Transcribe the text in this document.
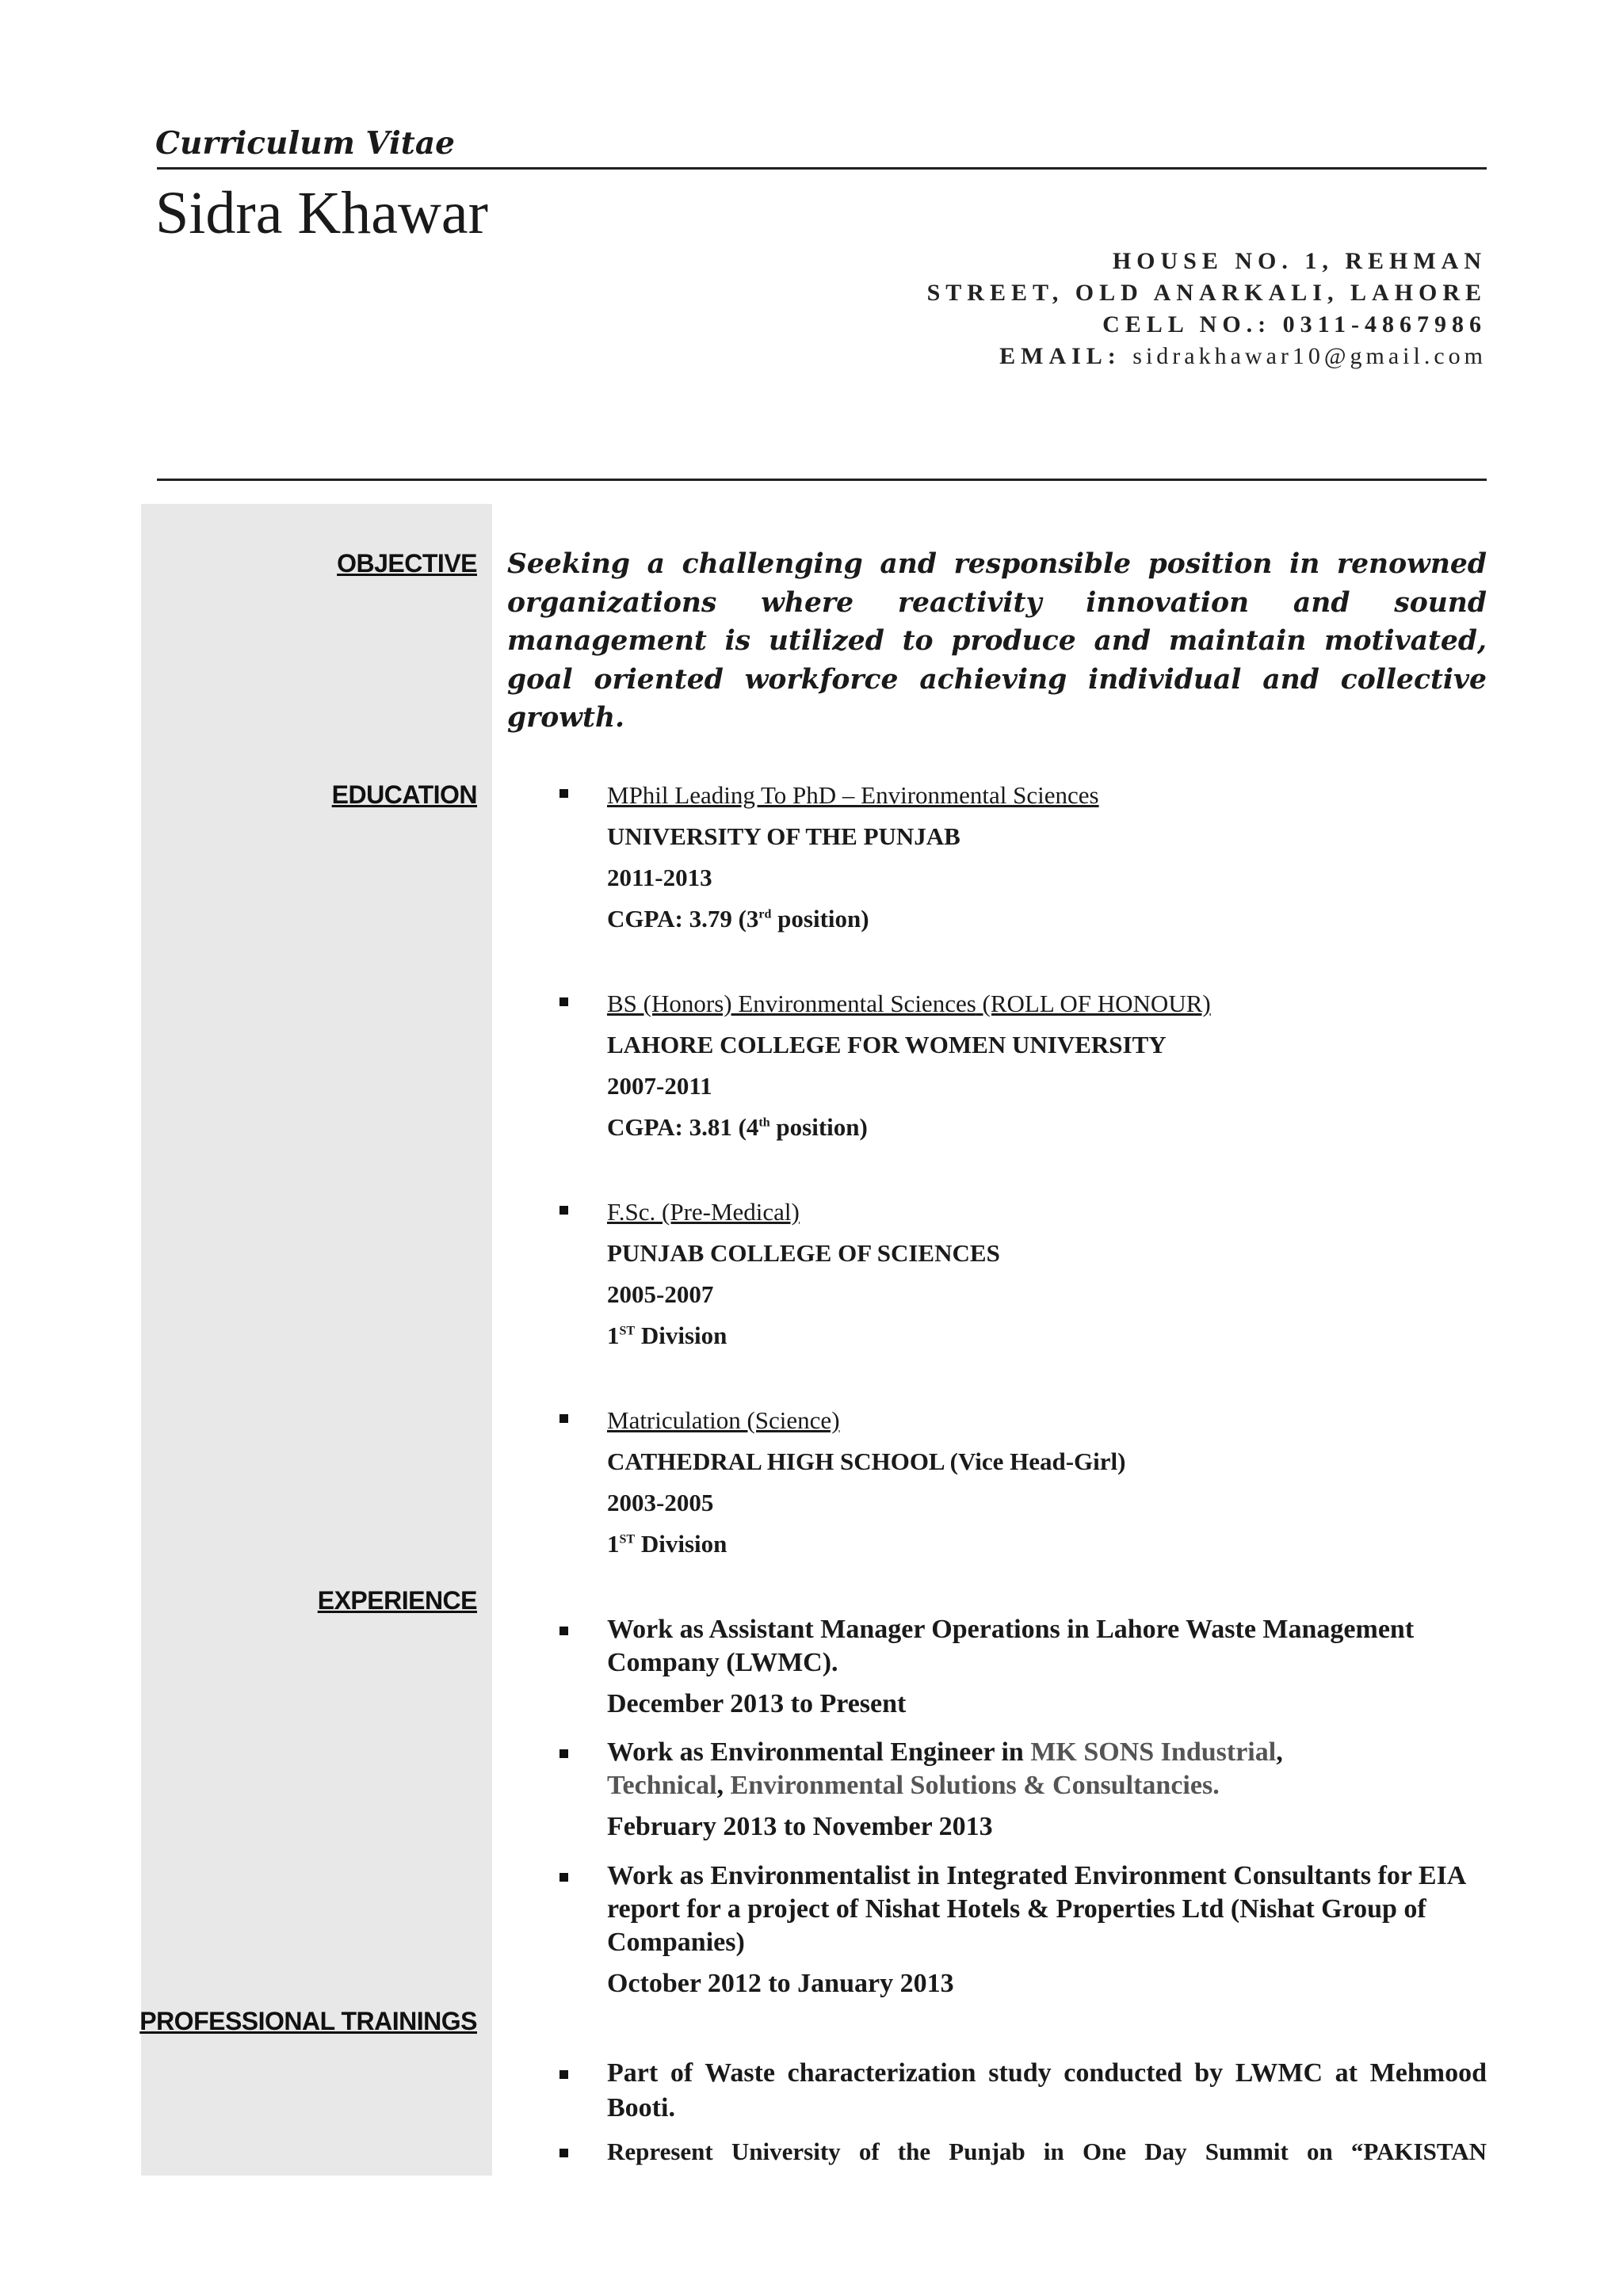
Curriculum Vitae
Sidra Khawar
HOUSE NO. 1, REHMAN
STREET, OLD ANARKALI, LAHORE
CELL NO.: 0311-4867986
EMAIL: sidrakhawar10@gmail.com
OBJECTIVE
EDUCATION
EXPERIENCE
PROFESSIONAL TRAININGS
Seeking a challenging and responsible position in renowned organizations where reactivity innovation and sound management is utilized to produce and maintain motivated, goal oriented workforce achieving individual and collective growth.
MPhil Leading To PhD – Environmental Sciences
UNIVERSITY OF THE PUNJAB
2011-2013
CGPA: 3.79 (3rd position)
BS (Honors) Environmental Sciences (ROLL OF HONOUR)
LAHORE COLLEGE FOR WOMEN UNIVERSITY
2007-2011
CGPA: 3.81 (4th position)
F.Sc. (Pre-Medical)
PUNJAB COLLEGE OF SCIENCES
2005-2007
1ST Division
Matriculation (Science)
CATHEDRAL HIGH SCHOOL (Vice Head-Girl)
2003-2005
1ST Division
Work as Assistant Manager Operations in Lahore Waste Management Company (LWMC).
December 2013 to Present
Work as Environmental Engineer in MK SONS Industrial,
Technical, Environmental Solutions & Consultancies.
February 2013 to November 2013
Work as Environmentalist in Integrated Environment Consultants for EIA report for a project of Nishat Hotels & Properties Ltd (Nishat Group of Companies)
October 2012 to January 2013
Part of Waste characterization study conducted by LWMC at Mehmood Booti.
Represent University of the Punjab in One Day Summit on “PAKISTAN
